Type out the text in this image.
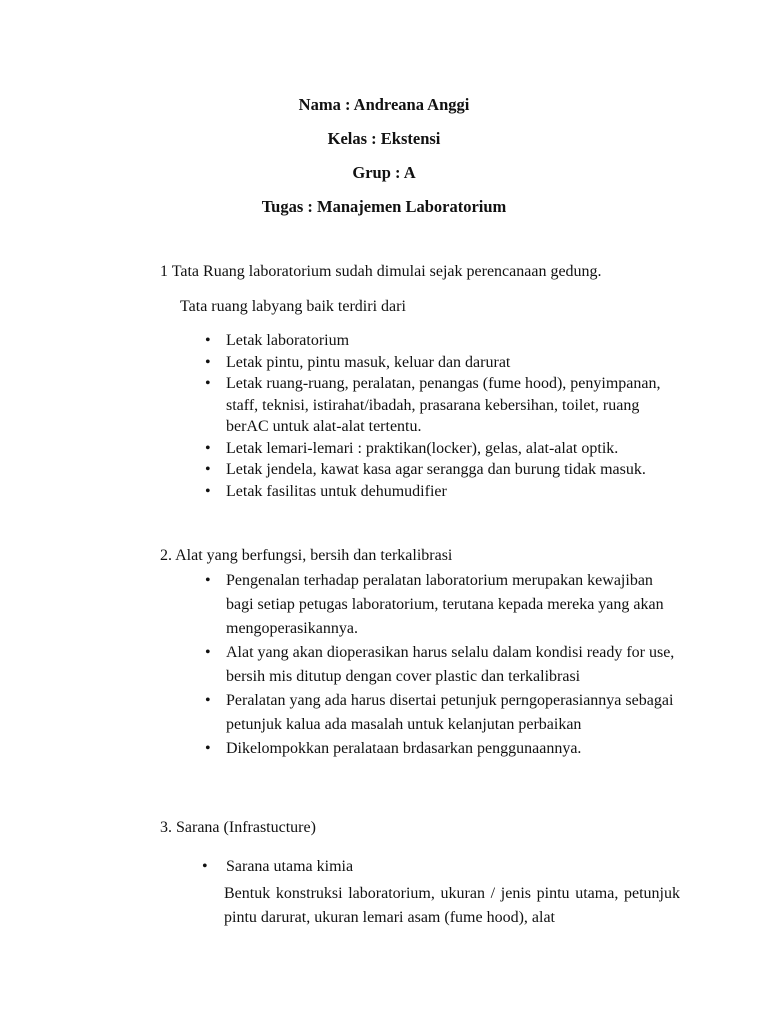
Nama : Andreana Anggi
Kelas : Ekstensi
Grup : A
Tugas : Manajemen Laboratorium
1 Tata Ruang laboratorium sudah dimulai sejak perencanaan gedung.
Tata ruang labyang baik terdiri dari
• Letak laboratorium
• Letak pintu, pintu masuk, keluar dan darurat
• Letak ruang-ruang, peralatan, penangas (fume hood), penyimpanan, staff, teknisi, istirahat/ibadah, prasarana kebersihan, toilet, ruang berAC untuk alat-alat tertentu.
• Letak lemari-lemari : praktikan(locker), gelas, alat-alat optik.
• Letak jendela, kawat kasa agar serangga dan burung tidak masuk.
• Letak fasilitas untuk dehumudifier
2. Alat yang berfungsi, bersih dan terkalibrasi
• Pengenalan terhadap peralatan laboratorium merupakan kewajiban bagi setiap petugas laboratorium, terutana kepada mereka yang akan mengoperasikannya.
• Alat yang akan dioperasikan harus selalu dalam kondisi ready for use, bersih mis ditutup dengan cover plastic dan terkalibrasi
• Peralatan yang ada harus disertai petunjuk perngoperasiannya sebagai petunjuk kalua ada masalah untuk kelanjutan perbaikan
• Dikelompokkan peralataan brdasarkan penggunaannya.
3. Sarana (Infrastucture)
Sarana utama kimia
Bentuk konstruksi laboratorium, ukuran / jenis pintu utama, petunjuk pintu darurat, ukuran lemari asam (fume hood), alat
